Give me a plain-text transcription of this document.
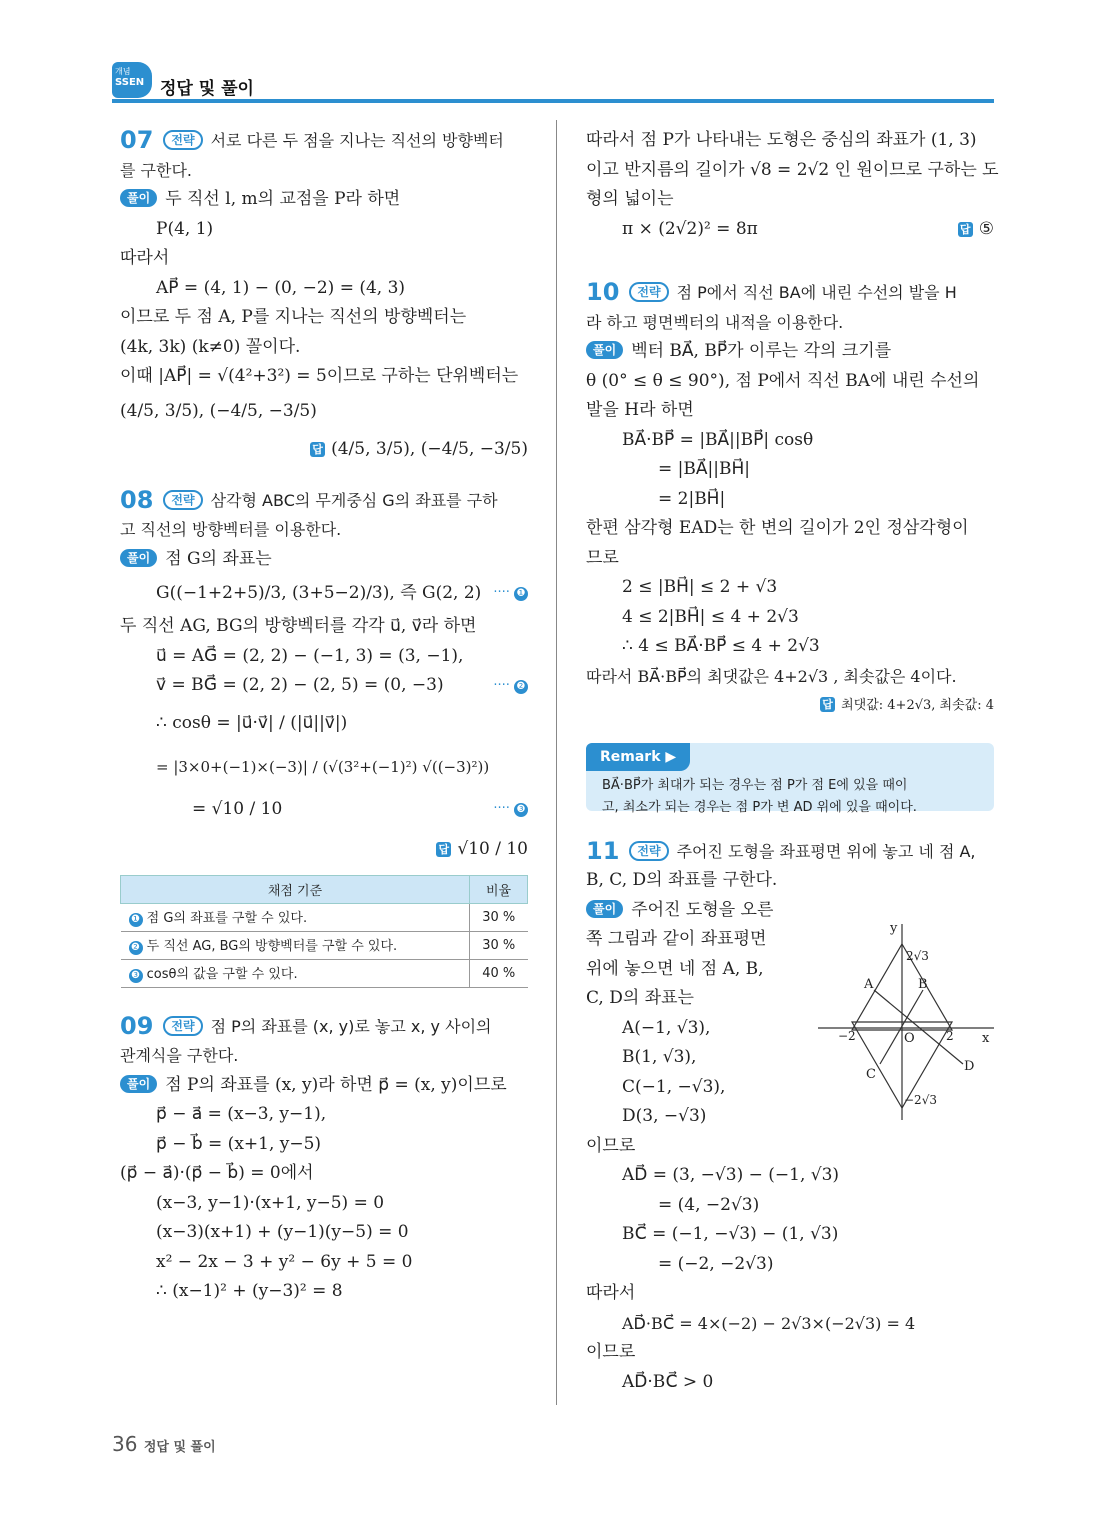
개념
SSEN 정답 및 풀이
07 전략 서로 다른 두 점을 지나는 직선의 방향벡터
를 구한다.
풀이 두 직선 l, m의 교점을 P라 하면
P(4, 1)
따라서
AP⃗ = (4, 1) − (0, −2) = (4, 3)
이므로 두 점 A, P를 지나는 직선의 방향벡터는
(4k, 3k) (k≠0) 꼴이다.
이때 |AP⃗| = √(4²+3²) = 5이므로 구하는 단위벡터는
(4/5, 3/5), (−4/5, −3/5)
답 (4/5, 3/5), (−4/5, −3/5)
08 전략 삼각형 ABC의 무게중심 G의 좌표를 구하
고 직선의 방향벡터를 이용한다.
풀이 점 G의 좌표는
G((−1+2+5)/3, (3+5−2)/3), 즉 G(2, 2) ···· ❶
두 직선 AG, BG의 방향벡터를 각각 u⃗, v⃗라 하면
u⃗ = AG⃗ = (2, 2) − (−1, 3) = (3, −1),
v⃗ = BG⃗ = (2, 2) − (2, 5) = (0, −3)	···· ❷
∴ cosθ = |u⃗·v⃗| / (|u⃗||v⃗|)
= |3×0+(−1)×(−3)| / (√(3²+(−1)²) √((−3)²))
= √10 / 10	···· ❸
답 √10 / 10
채점 기준	비율
❶ 점 G의 좌표를 구할 수 있다.	30 %
❷ 두 직선 AG, BG의 방향벡터를 구할 수 있다.	30 %
❸ cosθ의 값을 구할 수 있다.	40 %
09 전략 점 P의 좌표를 (x, y)로 놓고 x, y 사이의
관계식을 구한다.
풀이 점 P의 좌표를 (x, y)라 하면 p⃗ = (x, y)이므로
p⃗ − a⃗ = (x−3, y−1),
p⃗ − b⃗ = (x+1, y−5)
(p⃗ − a⃗)·(p⃗ − b⃗) = 0에서
(x−3, y−1)·(x+1, y−5) = 0
(x−3)(x+1) + (y−1)(y−5) = 0
x² − 2x − 3 + y² − 6y + 5 = 0
∴ (x−1)² + (y−3)² = 8
따라서 점 P가 나타내는 도형은 중심의 좌표가 (1, 3)
이고 반지름의 길이가 √8 = 2√2 인 원이므로 구하는 도
형의 넓이는
π × (2√2)² = 8π	답 ⑤
10 전략 점 P에서 직선 BA에 내린 수선의 발을 H
라 하고 평면벡터의 내적을 이용한다.
풀이 벡터 BA⃗, BP⃗가 이루는 각의 크기를
θ (0° ≤ θ ≤ 90°), 점 P에서 직선 BA에 내린 수선의
발을 H라 하면
BA⃗·BP⃗ = |BA⃗||BP⃗| cosθ
= |BA⃗||BH⃗|
= 2|BH⃗|
한편 삼각형 EAD는 한 변의 길이가 2인 정삼각형이
므로
2 ≤ |BH⃗| ≤ 2 + √3
4 ≤ 2|BH⃗| ≤ 4 + 2√3
∴ 4 ≤ BA⃗·BP⃗ ≤ 4 + 2√3
따라서 BA⃗·BP⃗의 최댓값은 4+2√3 , 최솟값은 4이다.
답 최댓값: 4+2√3, 최솟값: 4
Remark ▶
BA⃗·BP⃗가 최대가 되는 경우는 점 P가 점 E에 있을 때이
고, 최소가 되는 경우는 점 P가 변 AD 위에 있을 때이다.
11 전략 주어진 도형을 좌표평면 위에 놓고 네 점 A,
B, C, D의 좌표를 구한다.
풀이 주어진 도형을 오른
쪽 그림과 같이 좌표평면
위에 놓으면 네 점 A, B,
C, D의 좌표는
A(−1, √3),
B(1, √3),
C(−1, −√3),
D(3, −√3)
이므로
AD⃗ = (3, −√3) − (−1, √3)
= (4, −2√3)
BC⃗ = (−1, −√3) − (1, √3)
= (−2, −2√3)
따라서
AD⃗·BC⃗ = 4×(−2) − 2√3×(−2√3) = 4
이므로
AD⃗·BC⃗ > 0
y
x
O
2√3
−2√3
−2	2
A	B
C
D
36 정답 및 풀이
